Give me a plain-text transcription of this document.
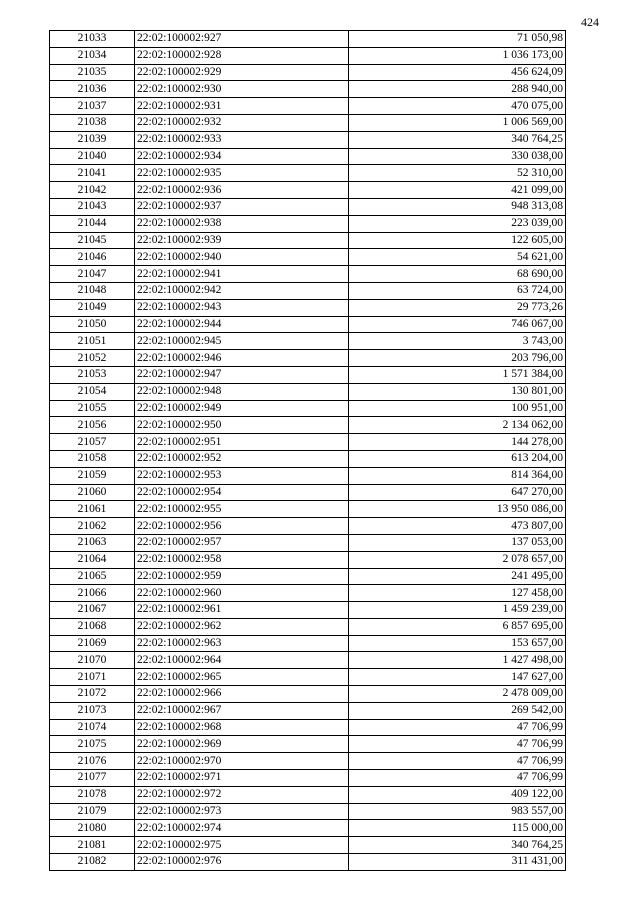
424
21033	22:02:100002:927	71 050,98
21034	22:02:100002:928	1 036 173,00
21035	22:02:100002:929	456 624,09
21036	22:02:100002:930	288 940,00
21037	22:02:100002:931	470 075,00
21038	22:02:100002:932	1 006 569,00
21039	22:02:100002:933	340 764,25
21040	22:02:100002:934	330 038,00
21041	22:02:100002:935	52 310,00
21042	22:02:100002:936	421 099,00
21043	22:02:100002:937	948 313,08
21044	22:02:100002:938	223 039,00
21045	22:02:100002:939	122 605,00
21046	22:02:100002:940	54 621,00
21047	22:02:100002:941	68 690,00
21048	22:02:100002:942	63 724,00
21049	22:02:100002:943	29 773,26
21050	22:02:100002:944	746 067,00
21051	22:02:100002:945	3 743,00
21052	22:02:100002:946	203 796,00
21053	22:02:100002:947	1 571 384,00
21054	22:02:100002:948	130 801,00
21055	22:02:100002:949	100 951,00
21056	22:02:100002:950	2 134 062,00
21057	22:02:100002:951	144 278,00
21058	22:02:100002:952	613 204,00
21059	22:02:100002:953	814 364,00
21060	22:02:100002:954	647 270,00
21061	22:02:100002:955	13 950 086,00
21062	22:02:100002:956	473 807,00
21063	22:02:100002:957	137 053,00
21064	22:02:100002:958	2 078 657,00
21065	22:02:100002:959	241 495,00
21066	22:02:100002:960	127 458,00
21067	22:02:100002:961	1 459 239,00
21068	22:02:100002:962	6 857 695,00
21069	22:02:100002:963	153 657,00
21070	22:02:100002:964	1 427 498,00
21071	22:02:100002:965	147 627,00
21072	22:02:100002:966	2 478 009,00
21073	22:02:100002:967	269 542,00
21074	22:02:100002:968	47 706,99
21075	22:02:100002:969	47 706,99
21076	22:02:100002:970	47 706,99
21077	22:02:100002:971	47 706,99
21078	22:02:100002:972	409 122,00
21079	22:02:100002:973	983 557,00
21080	22:02:100002:974	115 000,00
21081	22:02:100002:975	340 764,25
21082	22:02:100002:976	311 431,00
